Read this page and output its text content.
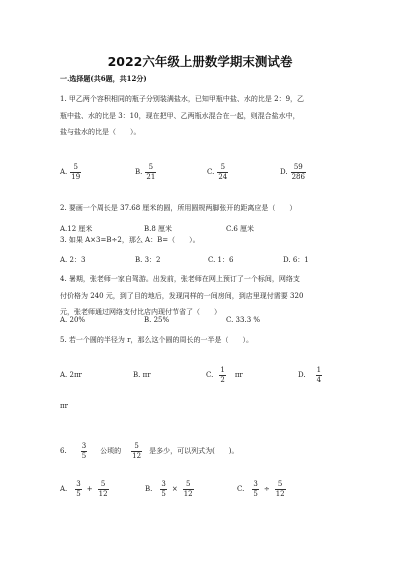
2022六年级上册数学期末测试卷
一.选择题(共6题，共12分)
1. 甲乙两个容积相同的瓶子分别装满盐水，已知甲瓶中盐、水的比是 2：9，乙
瓶中盐、水的比是 3：10，现在把甲、乙两瓶水混合在一起，则混合盐水中，
盐与盐水的比是（　　）。
A. $\frac{5}{19}$	B. $\frac{5}{21}$	C. $\frac{5}{24}$	D. $\frac{59}{286}$
2. 要画一个周长是 37.68 厘米的圆，所用圆规两脚张开的距离应是（　　）
A.12 厘米	B.8 厘米	C.6 厘米
3. 如果 A×3=B÷2，那么 A：B=（　　）。
A. 2：3	B. 3：2	C. 1：6	D. 6：1
4. 暑期，张老师一家自驾游。出发前，张老师在网上预订了一个标间，网络支
付价格为 240 元，到了目的地后，发现同样的一间房间，到店里现付需要 320
元，张老师通过网络支付比店内现付节省了（　　）
A. 20%	B. 25%	C. 33.3 %
5. 若一个圆的半径为 r，那么这个圆的周长的一半是（　　）。
A. 2πr	B. πr	C. $\frac{1}{2}$ πr	D. $\frac{1}{4}$
πr
6. $\frac{3}{5}$ 公顷的 $\frac{5}{12}$ 是多少，可以列式为(　　)。
A. $\frac{3}{5} + \frac{5}{12}$	B. $\frac{3}{5} \times \frac{5}{12}$	C. $\frac{3}{5} \div \frac{5}{12}$
